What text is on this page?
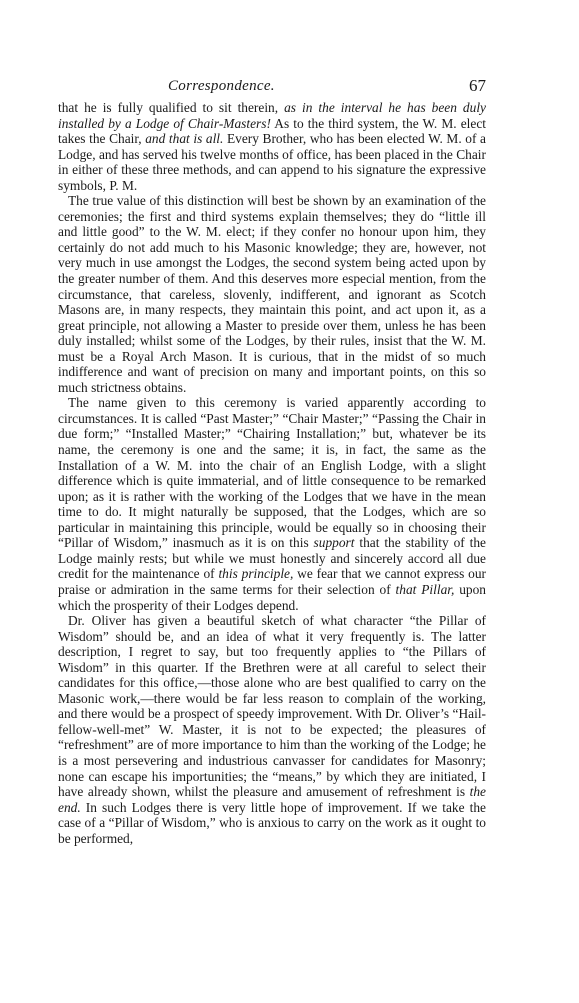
Correspondence.	67

that he is fully qualified to sit therein, as in the interval he has been duly installed by a Lodge of Chair-Masters! As to the third system, the W. M. elect takes the Chair, and that is all. Every Brother, who has been elected W. M. of a Lodge, and has served his twelve months of office, has been placed in the Chair in either of these three methods, and can append to his signature the expressive symbols, P. M.

The true value of this distinction will best be shown by an examination of the ceremonies; the first and third systems explain themselves; they do “little ill and little good” to the W. M. elect; if they confer no honour upon him, they certainly do not add much to his Masonic knowledge; they are, however, not very much in use amongst the Lodges, the second system being acted upon by the greater number of them. And this deserves more especial mention, from the circumstance, that careless, slovenly, indifferent, and ignorant as Scotch Masons are, in many respects, they maintain this point, and act upon it, as a great principle, not allowing a Master to preside over them, unless he has been duly installed; whilst some of the Lodges, by their rules, insist that the W. M. must be a Royal Arch Mason. It is curious, that in the midst of so much indifference and want of precision on many and important points, on this so much strictness obtains.

The name given to this ceremony is varied apparently according to circumstances. It is called “Past Master;” “Chair Master;” “Passing the Chair in due form;” “Installed Master;” “Chairing Installation;” but, whatever be its name, the ceremony is one and the same; it is, in fact, the same as the Installation of a W. M. into the chair of an English Lodge, with a slight difference which is quite immaterial, and of little consequence to be remarked upon; as it is rather with the working of the Lodges that we have in the mean time to do. It might naturally be supposed, that the Lodges, which are so particular in maintaining this principle, would be equally so in choosing their “Pillar of Wisdom,” inasmuch as it is on this support that the stability of the Lodge mainly rests; but while we must honestly and sincerely accord all due credit for the maintenance of this principle, we fear that we cannot express our praise or admiration in the same terms for their selection of that Pillar, upon which the prosperity of their Lodges depend.

Dr. Oliver has given a beautiful sketch of what character “the Pillar of Wisdom” should be, and an idea of what it very frequently is. The latter description, I regret to say, but too frequently applies to “the Pillars of Wisdom” in this quarter. If the Brethren were at all careful to select their candidates for this office,—those alone who are best qualified to carry on the Masonic work,—there would be far less reason to complain of the working, and there would be a prospect of speedy improvement. With Dr. Oliver’s “Hail-fellow-well-met” W. Master, it is not to be expected; the pleasures of “refreshment” are of more importance to him than the working of the Lodge; he is a most persevering and industrious canvasser for candidates for Masonry; none can escape his importunities; the “means,” by which they are initiated, I have already shown, whilst the pleasure and amusement of refreshment is the end. In such Lodges there is very little hope of improvement. If we take the case of a “Pillar of Wisdom,” who is anxious to carry on the work as it ought to be performed,
